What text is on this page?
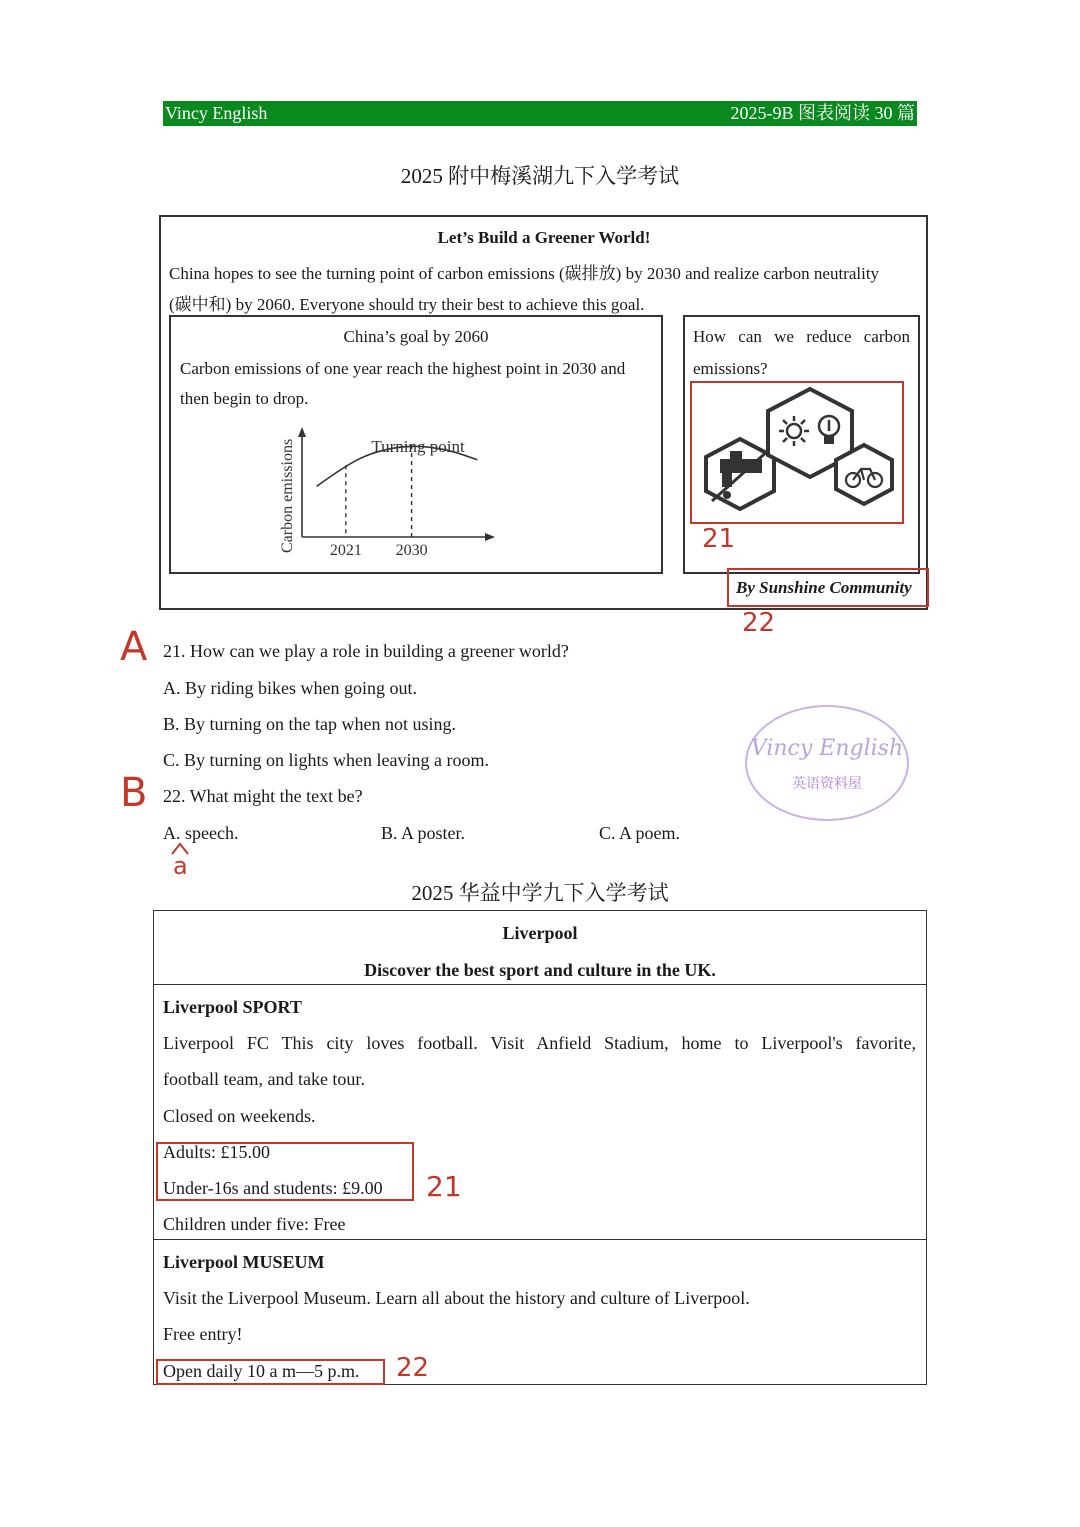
Vincy English	2025-9B 图表阅读 30 篇
2025 附中梅溪湖九下入学考试
Let’s Build a Greener World!
China hopes to see the turning point of carbon emissions (碳排放) by 2030 and realize carbon neutrality
(碳中和) by 2060. Everyone should try their best to achieve this goal.
China’s goal by 2060
Carbon emissions of one year reach the highest point in 2030 and
then begin to drop.
2021 2030
Turning point
Carbon emissions
How can we reduce carbon
emissions?
21
By Sunshine Community
22
A 21. How can we play a role in building a greener world?
A. By riding bikes when going out.
B. By turning on the tap when not using.
C. By turning on lights when leaving a room.
B 22. What might the text be?
A. speech.	B. A poster.	C. A poem.
a
Vincy English
英语资料屋
2025 华益中学九下入学考试
Liverpool
Discover the best sport and culture in the UK.
Liverpool SPORT
Liverpool FC This city loves football. Visit Anfield Stadium, home to Liverpool's favorite,
football team, and take tour.
Closed on weekends.
Adults: £15.00
Under-16s and students: £9.00 21
Children under five: Free
Liverpool MUSEUM
Visit the Liverpool Museum. Learn all about the history and culture of Liverpool.
Free entry!
Open daily 10 a m—5 p.m. 22
